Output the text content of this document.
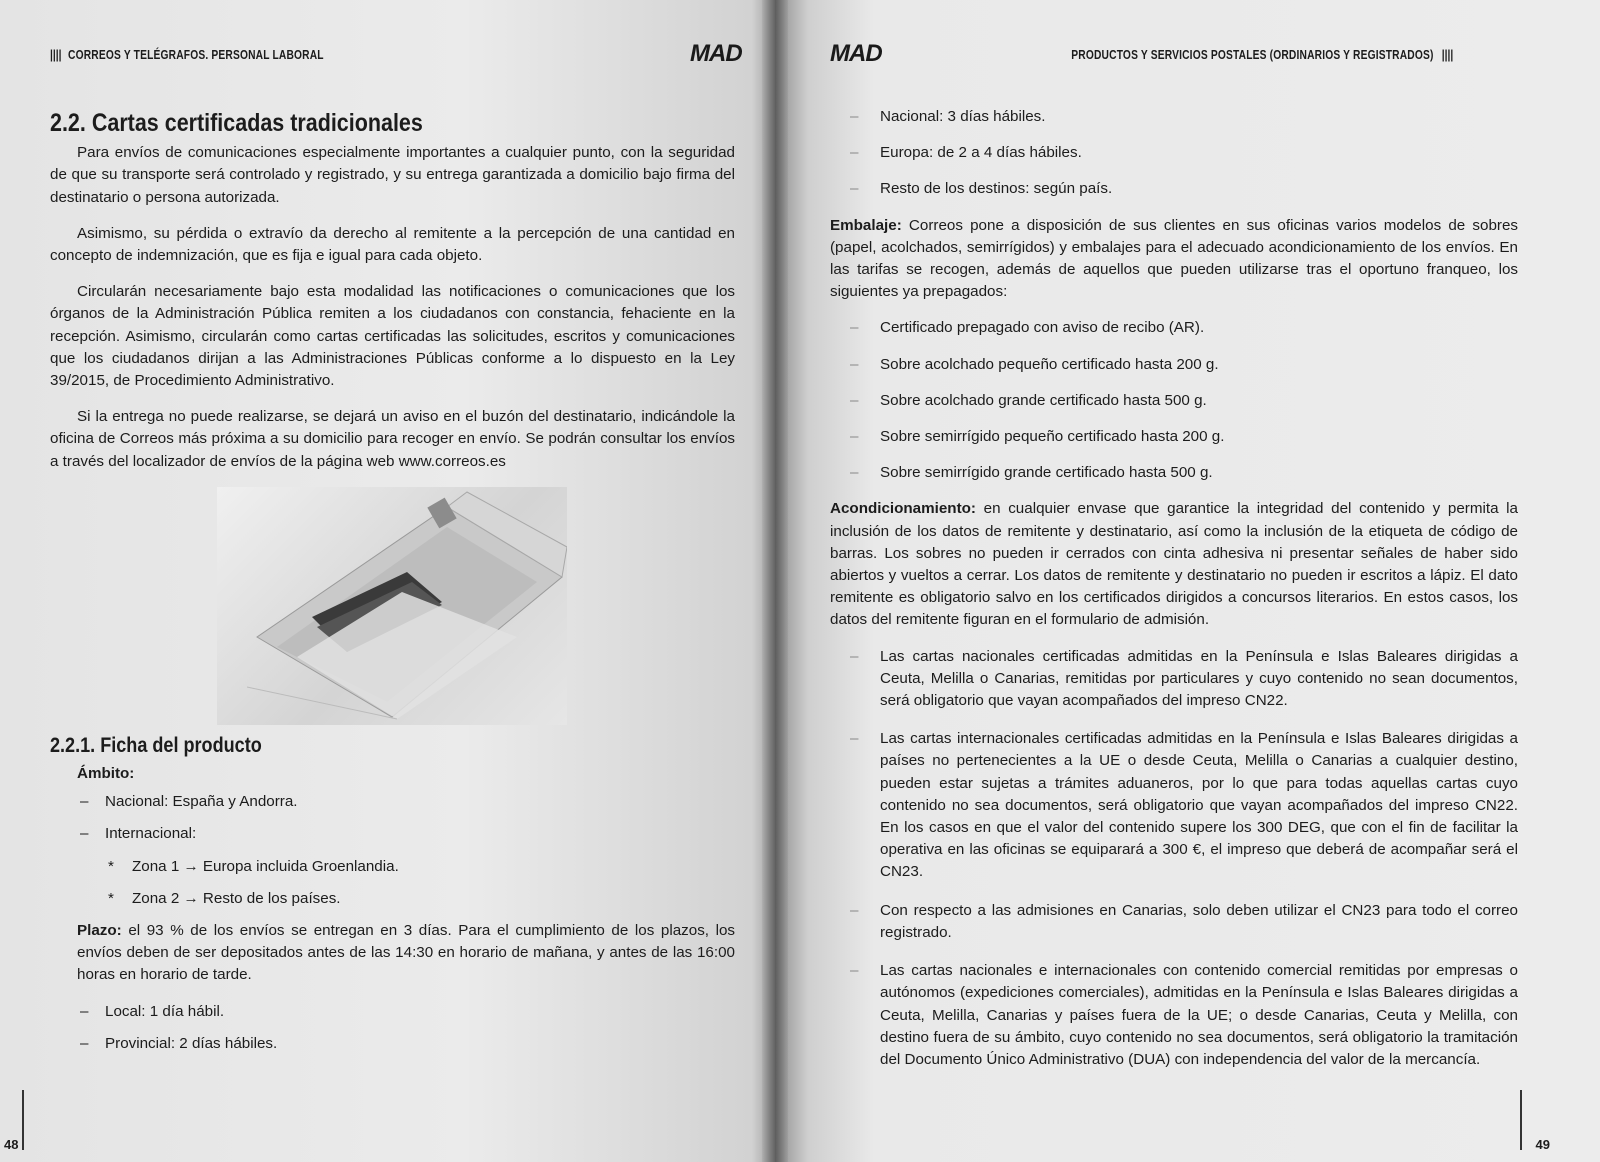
|||| CORREOS Y TELÉGRAFOS. PERSONAL LABORAL	MAD
2.2. Cartas certificadas tradicionales

Para envíos de comunicaciones especialmente importantes a cualquier punto, con la seguridad de que su transporte será controlado y registrado, y su entrega garantizada a domicilio bajo firma del destinatario o persona autorizada.

Asimismo, su pérdida o extravío da derecho al remitente a la percepción de una cantidad en concepto de indemnización, que es fija e igual para cada objeto.

Circularán necesariamente bajo esta modalidad las notificaciones o comunicaciones que los órganos de la Administración Pública remiten a los ciudadanos con constancia, fehaciente en la recepción. Asimismo, circularán como cartas certificadas las solicitudes, escritos y comunicaciones que los ciudadanos dirijan a las Administraciones Públicas conforme a lo dispuesto en la Ley 39/2015, de Procedimiento Administrativo.

Si la entrega no puede realizarse, se dejará un aviso en el buzón del destinatario, indicándole la oficina de Correos más próxima a su domicilio para recoger en envío. Se podrán consultar los envíos a través del localizador de envíos de la página web www.correos.es

2.2.1. Ficha del producto
Ámbito:
– Nacional: España y Andorra.
– Internacional:
* Zona 1 → Europa incluida Groenlandia.
* Zona 2 → Resto de los países.

Plazo: el 93 % de los envíos se entregan en 3 días. Para el cumplimiento de los plazos, los envíos deben de ser depositados antes de las 14:30 en horario de mañana, y antes de las 16:00 horas en horario de tarde.

– Local: 1 día hábil.
– Provincial: 2 días hábiles.
48
MAD	PRODUCTOS Y SERVICIOS POSTALES (ORDINARIOS Y REGISTRADOS) ||||
– Nacional: 3 días hábiles.
– Europa: de 2 a 4 días hábiles.
– Resto de los destinos: según país.

Embalaje: Correos pone a disposición de sus clientes en sus oficinas varios modelos de sobres (papel, acolchados, semirrígidos) y embalajes para el adecuado acondicionamiento de los envíos. En las tarifas se recogen, además de aquellos que pueden utilizarse tras el oportuno franqueo, los siguientes ya prepagados:

– Certificado prepagado con aviso de recibo (AR).
– Sobre acolchado pequeño certificado hasta 200 g.
– Sobre acolchado grande certificado hasta 500 g.
– Sobre semirrígido pequeño certificado hasta 200 g.
– Sobre semirrígido grande certificado hasta 500 g.

Acondicionamiento: en cualquier envase que garantice la integridad del contenido y permita la inclusión de los datos de remitente y destinatario, así como la inclusión de la etiqueta de código de barras. Los sobres no pueden ir cerrados con cinta adhesiva ni presentar señales de haber sido abiertos y vueltos a cerrar. Los datos de remitente y destinatario no pueden ir escritos a lápiz. El dato remitente es obligatorio salvo en los certificados dirigidos a concursos literarios. En estos casos, los datos del remitente figuran en el formulario de admisión.

– Las cartas nacionales certificadas admitidas en la Península e Islas Baleares dirigidas a Ceuta, Melilla o Canarias, remitidas por particulares y cuyo contenido no sean documentos, será obligatorio que vayan acompañados del impreso CN22.
– Las cartas internacionales certificadas admitidas en la Península e Islas Baleares dirigidas a países no pertenecientes a la UE o desde Ceuta, Melilla o Canarias a cualquier destino, pueden estar sujetas a trámites aduaneros, por lo que para todas aquellas cartas cuyo contenido no sea documentos, será obligatorio que vayan acompañados del impreso CN22. En los casos en que el valor del contenido supere los 300 DEG, que con el fin de facilitar la operativa en las oficinas se equiparará a 300 €, el impreso que deberá de acompañar será el CN23.
– Con respecto a las admisiones en Canarias, solo deben utilizar el CN23 para todo el correo registrado.
– Las cartas nacionales e internacionales con contenido comercial remitidas por empresas o autónomos (expediciones comerciales), admitidas en la Península e Islas Baleares dirigidas a Ceuta, Melilla, Canarias y países fuera de la UE; o desde Canarias, Ceuta y Melilla, con destino fuera de su ámbito, cuyo contenido no sea documentos, será obligatorio la tramitación del Documento Único Administrativo (DUA) con independencia del valor de la mercancía.
49
